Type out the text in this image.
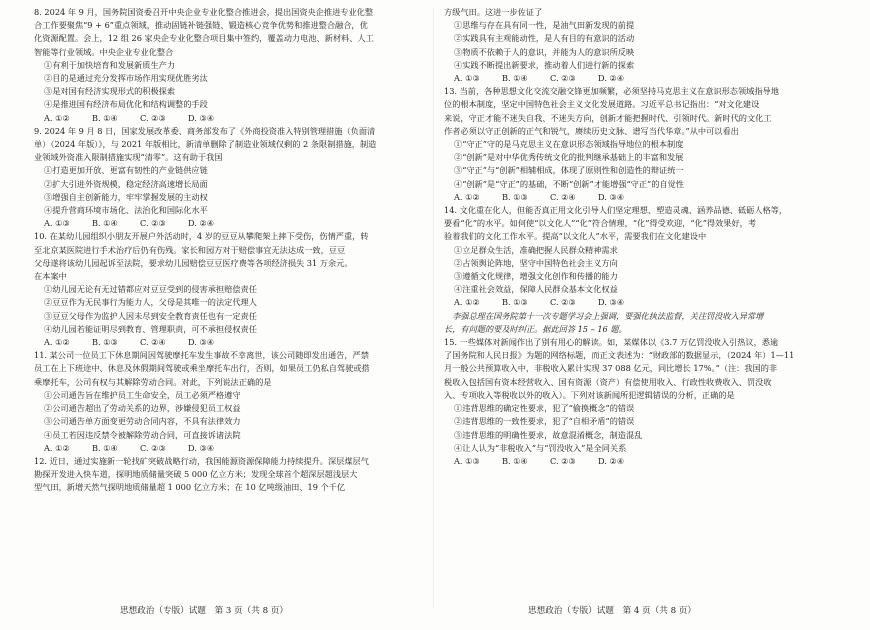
8. 2024 年 9 月，国务院国资委召开中央企业专业化整合推进会，提出国资央企推进专业化整
合工作要聚焦“9 + 6”重点领域，推动固链补链强链、锻造核心竞争优势和推进整合融合，优
化资源配置。会上，12 组 26 家央企专业化整合项目集中签约，覆盖动力电池、新材料、人工
智能等行业领域。中央企业专业化整合
①有利于加快培育和发展新质生产力
②目的是通过充分发挥市场作用实现优胜劣汰
③是对国有经济实现形式的积极探索
④是推进国有经济布局优化和结构调整的手段
A. ①②	B. ①④	C. ②③	D. ③④
9. 2024 年 9 月 8 日，国家发展改革委、商务部发布了《外商投资准入特别管理措施（负面清
单）（2024 年版）》，与 2021 年版相比，新清单删除了制造业领域仅剩的 2 条限制措施，制造
业领域外资准入限制措施实现“清零”。这有助于我国
①打造更加开放、更富有韧性的产业链供应链
②扩大引进外资规模，稳定经济高速增长局面
③增强自主创新能力，牢牢掌握发展的主动权
④提升营商环境市场化、法治化和国际化水平
A. ①③	B. ①④	C. ②③	D. ②④
10. 在某幼儿园组织小朋友开展户外活动时，4 岁的豆豆从攀爬架上摔下受伤，伤情严重，转
至北京某医院进行手术治疗后仍有伤残。家长和园方对于赔偿事宜无法达成一致，豆豆
父母遂将该幼儿园起诉至法院，要求幼儿园赔偿豆豆医疗费等各项经济损失 31 万余元。
在本案中
①幼儿园无论有无过错都应对豆豆受到的侵害承担赔偿责任
②豆豆作为无民事行为能力人，父母是其唯一的法定代理人
③豆豆父母作为监护人因未尽到安全教育责任也有一定责任
④幼儿园若能证明尽到教育、管理职责，可不承担侵权责任
A. ①②	B. ①③	C. ②④	D. ③④
11. 某公司一位员工下休息期间因驾驶摩托车发生事故不幸离世，该公司随即发出通告，严禁
员工在上下班途中、休息及休假期间驾驶或乘坐摩托车出行，否则，如果员工仍私自驾驶或搭
乘摩托车，公司有权与其解除劳动合同。对此，下列说法正确的是
①公司通告旨在维护员工生命安全，员工必须严格遵守
②公司通告超出了劳动关系的边界，涉嫌侵犯员工权益
③公司通告单方面变更劳动合同内容，不具有法律效力
④员工若因违反禁令被解除劳动合同，可直接诉诸法院
A. ①②	B. ①④	C. ②③	D. ③④
12. 近日，通过实施新一轮找矿突破战略行动，我国能源资源保障能力持续提升。深层煤层气
勘探开发进入快车道，探明地质储量突破 5 000 亿立方米；发现全球首个超深层超浅层大
型气田，新增天然气探明地质储量超 1 000 亿立方米；在 10 亿吨级油田、19 个千亿
方级气田。这进一步佐证了
①思维与存在具有同一性，是油气田新发现的前提
②实践具有主观能动性，是人有目的有意识的活动
③物质不依赖于人的意识，并能为人的意识所反映
④实践不断提出新要求，推动着人们进行新的探索
A. ①③	B. ①④	C. ②③	D. ②④
13. 当前，各种思想文化交流交融交锋更加频繁，必须坚持马克思主义在意识形态领域指导地
位的根本制度，坚定中国特色社会主义文化发展道路。习近平总书记指出：“对文化建设
来说，守正才能不迷失自我、不迷失方向，创新才能把握时代、引领时代。新时代的文化工
作者必须以守正创新的正气和锐气，赓续历史文脉、谱写当代华章。”从中可以看出
①“守正”守的是马克思主义在意识形态领域指导地位的根本制度
②“创新”是对中华优秀传统文化的批判继承基础上的丰富和发展
③“守正”与“创新”相辅相成，体现了原则性和创造性的辩证统一
④“创新”是“守正”的基础，不断“创新”才能增强“守正”的自觉性
A. ①②	B. ①③	C. ②④	D. ③④
14. 文化重在化人，但能否真正用文化引导人们坚定理想、塑造灵魂、涵养品德、砥砺人格等，
要看“化”的水平。如何使“以文化人”“化”符合情理，“化”得受欢迎，“化”得效果好，考
验着我们的文化工作水平。提高“以文化人”水平，需要我们在文化建设中
①立足群众生活，准确把握人民群众精神需求
②占领舆论阵地，坚守中国特色社会主义方向
③遵循文化规律，增强文化创作和传播的能力
④注重社会效益，保障人民群众基本文化权益
A. ①②	B. ①③	C. ②③	D. ③④
　李强总理在国务院第十一次专题学习会上强调，要强化执法监督，关注罚没收入异常增
长，有问题的要及时纠正。据此回答 15 – 16 题。
15. 一些媒体对新闻作出了别有用心的解读。如，某媒体以《3.7 万亿罚没收入引热议，悉逾
了国务院和人民日报》为题的网络标题，而正文表述为：“财政部的数据显示，（2024 年）1—11
月一般公共预算收入中，非税收入累计实现 37 088 亿元，同比增长 17%。”（注：我国的非
税收入包括国有资本经营收入、国有资源（资产）有偿使用收入、行政性收费收入、罚没收
入、专项收入等税收以外的收入）。下列对该新闻所犯逻辑错误的分析，正确的是
①违背思维的确定性要求，犯了“偷换概念”的错误
②违背思维的一致性要求，犯了“自相矛盾”的错误
③违背思维的明确性要求，故意混淆概念，制造混乱
④让人认为“非税收入”与“罚没收入”是全同关系
A. ①③	B. ①④	C. ②③	D. ②④
思想政治（专版）试题　第 3 页（共 8 页）	思想政治（专版）试题　第 4 页（共 8 页）
